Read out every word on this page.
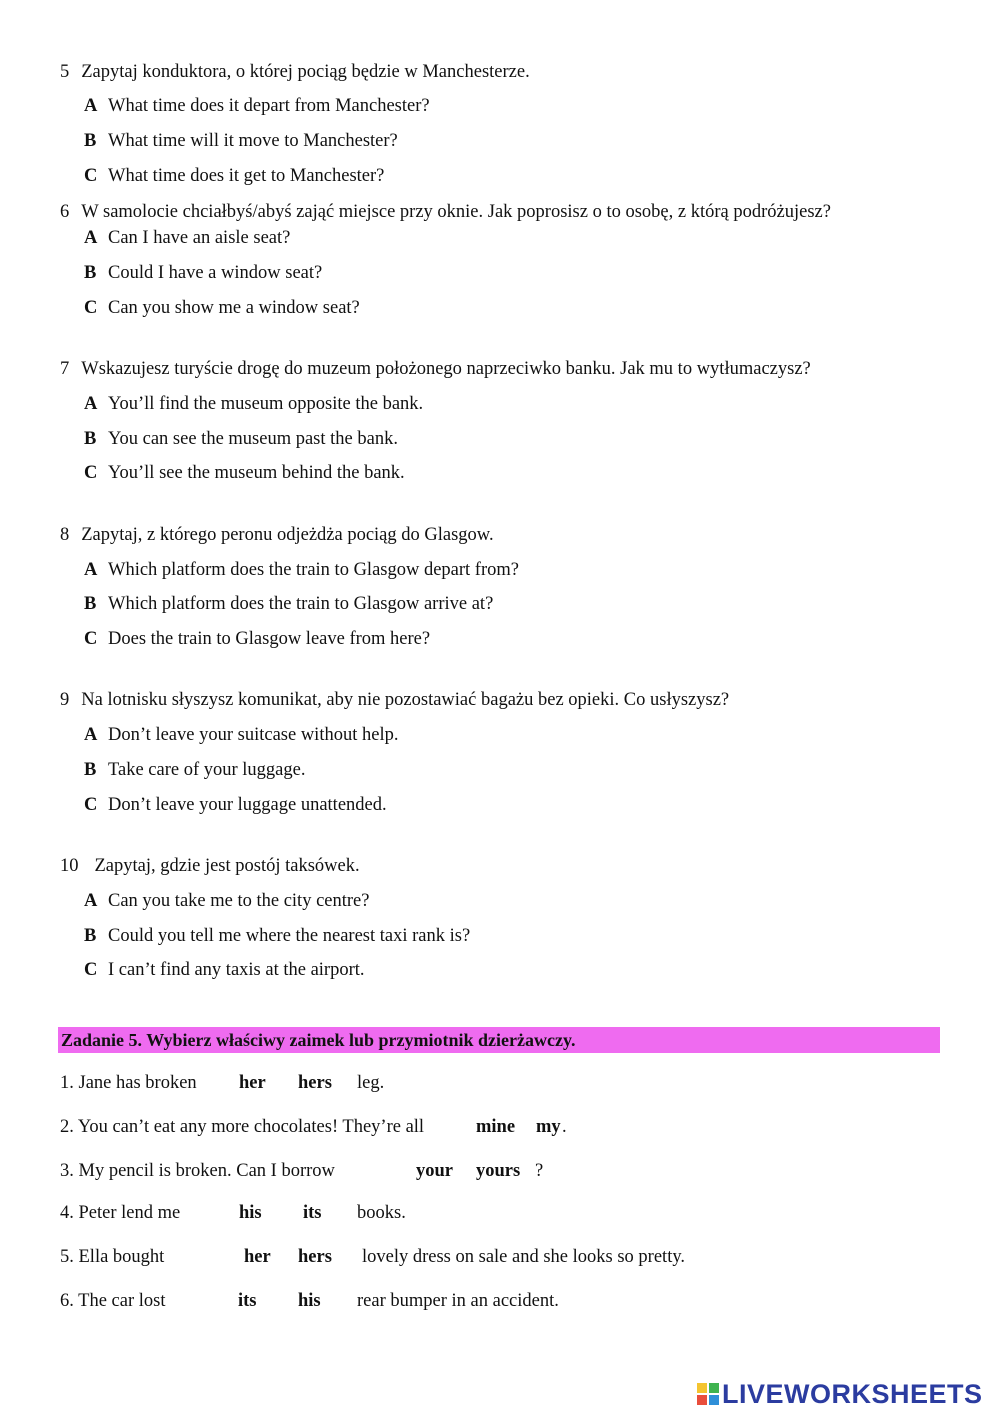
5 Zapytaj konduktora, o której pociąg będzie w Manchesterze.
A What time does it depart from Manchester?
B What time will it move to Manchester?
C What time does it get to Manchester?
6 W samolocie chciałbyś/abyś zająć miejsce przy oknie. Jak poprosisz o to osobę, z którą podróżujesz?
A Can I have an aisle seat?
B Could I have a window seat?
C Can you show me a window seat?
7 Wskazujesz turyście drogę do muzeum położonego naprzeciwko banku. Jak mu to wytłumaczysz?
A You’ll find the museum opposite the bank.
B You can see the museum past the bank.
C You’ll see the museum behind the bank.
8 Zapytaj, z którego peronu odjeżdża pociąg do Glasgow.
A Which platform does the train to Glasgow depart from?
B Which platform does the train to Glasgow arrive at?
C Does the train to Glasgow leave from here?
9 Na lotnisku słyszysz komunikat, aby nie pozostawiać bagażu bez opieki. Co usłyszysz?
A Don’t leave your suitcase without help.
B Take care of your luggage.
C Don’t leave your luggage unattended.
10 Zapytaj, gdzie jest postój taksówek.
A Can you take me to the city centre?
B Could you tell me where the nearest taxi rank is?
C I can’t find any taxis at the airport.
Zadanie 5. Wybierz właściwy zaimek lub przymiotnik dzierżawczy.
1. Jane has broken her hers leg.
2. You can’t eat any more chocolates! They’re all	mine my .
3. My pencil is broken. Can I borrow	your yours ?
4. Peter lend me	his its books.
5. Ella bought	her hers lovely dress on sale and she looks so pretty.
6. The car lost	its his rear bumper in an accident.
LIVEWORKSHEETS
